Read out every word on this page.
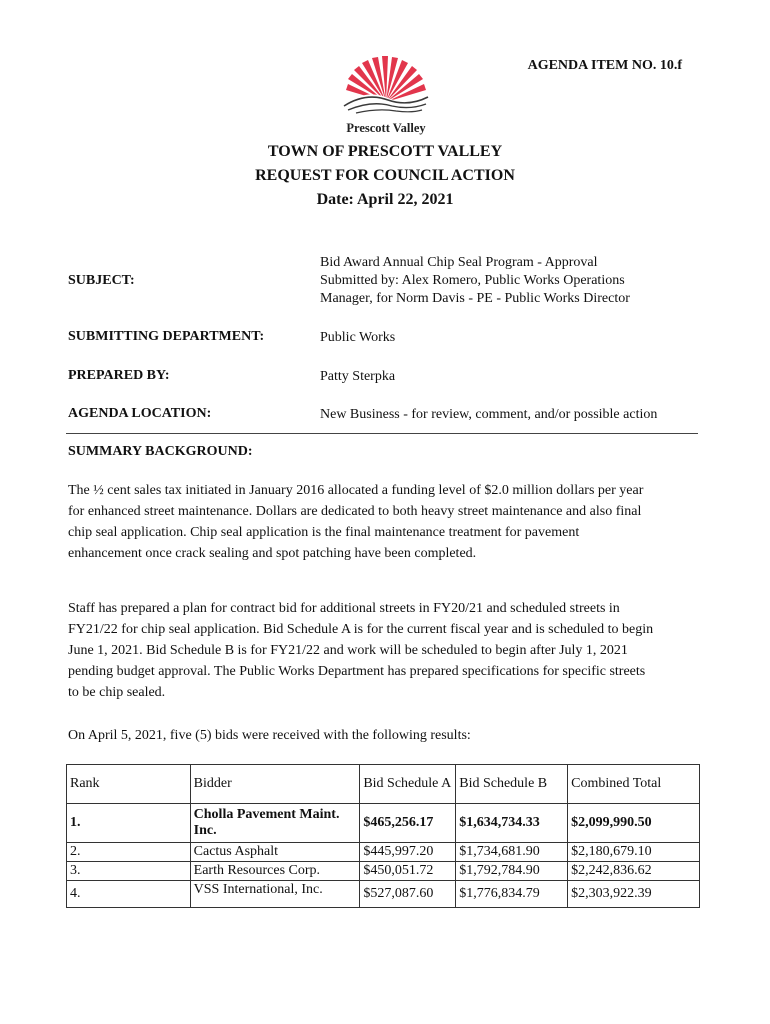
AGENDA ITEM NO. 10.f
Prescott Valley
TOWN OF PRESCOTT VALLEY
REQUEST FOR COUNCIL ACTION
Date: April 22, 2021
SUBJECT:
Bid Award Annual Chip Seal Program - Approval
Submitted by: Alex Romero, Public Works Operations
Manager, for Norm Davis - PE - Public Works Director
SUBMITTING DEPARTMENT:	Public Works
PREPARED BY:	Patty Sterpka
AGENDA LOCATION:	New Business - for review, comment, and/or possible action
SUMMARY BACKGROUND:
The ½ cent sales tax initiated in January 2016 allocated a funding level of $2.0 million dollars per year
for enhanced street maintenance. Dollars are dedicated to both heavy street maintenance and also final
chip seal application. Chip seal application is the final maintenance treatment for pavement
enhancement once crack sealing and spot patching have been completed.
Staff has prepared a plan for contract bid for additional streets in FY20/21 and scheduled streets in
FY21/22 for chip seal application. Bid Schedule A is for the current fiscal year and is scheduled to begin
June 1, 2021. Bid Schedule B is for FY21/22 and work will be scheduled to begin after July 1, 2021
pending budget approval. The Public Works Department has prepared specifications for specific streets
to be chip sealed.
On April 5, 2021, five (5) bids were received with the following results:
Rank	Bidder	Bid Schedule A	Bid Schedule B	Combined Total
1.	Cholla Pavement Maint. Inc.	$465,256.17	$1,634,734.33	$2,099,990.50
2.	Cactus Asphalt	$445,997.20	$1,734,681.90	$2,180,679.10
3.	Earth Resources Corp.	$450,051.72	$1,792,784.90	$2,242,836.62
4.	VSS International, Inc.	$527,087.60	$1,776,834.79	$2,303,922.39
